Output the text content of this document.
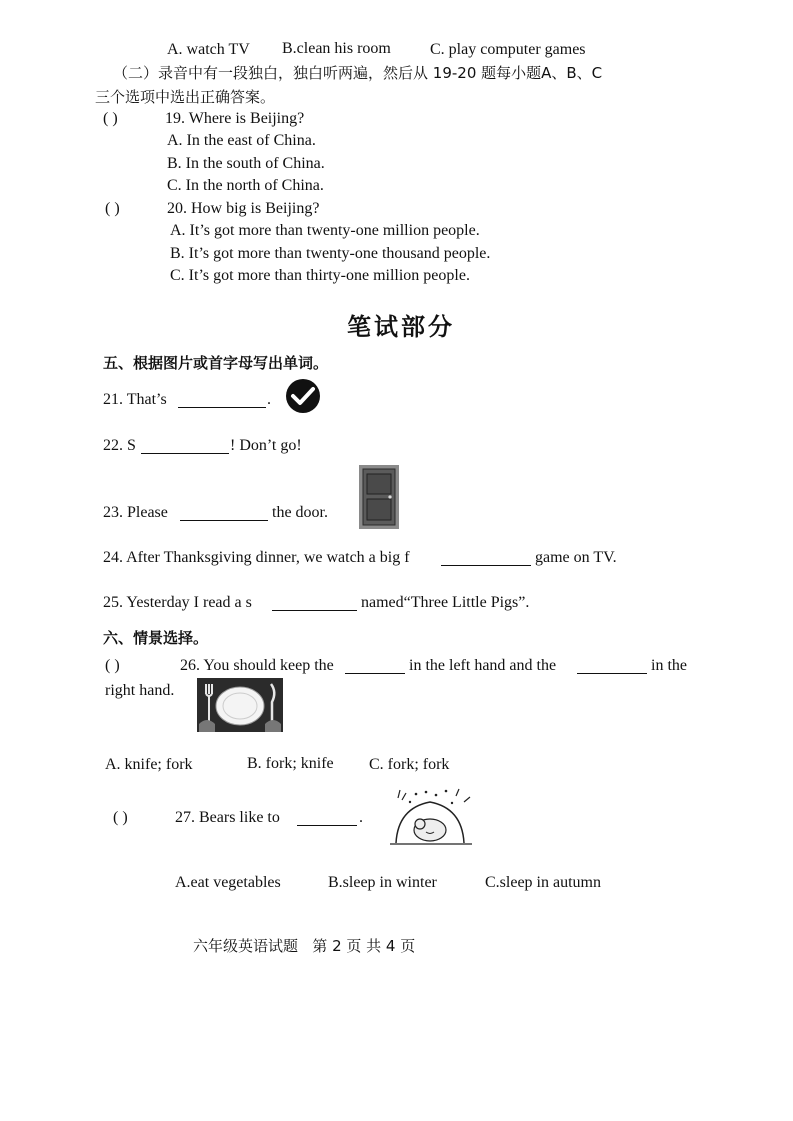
A. watch TV B.clean his room C. play computer games
（二）录音中有一段独白，独白听两遍，然后从 19-20 题每小题A、B、C
三个选项中选出正确答案。
( )	19. Where is Beijing?
A. In the east of China.
B. In the south of China.
C. In the north of China.
( )	20. How big is Beijing?
A. It’s got more than twenty-one million people.
B. It’s got more than twenty-one thousand people.
C. It’s got more than thirty-one million people.
笔试部分
五、根据图片或首字母写出单词。
21. That’s	.
22. S	! Don’t go!
23. Please	the door.
24. After Thanksgiving dinner, we watch a big f	game on TV.
25. Yesterday I read a s	named“Three Little Pigs”.
六、情景选择。
( )	26. You should keep the	in the left hand and the	in the
right hand.
A. knife; fork	B. fork; knife C. fork; fork
( )	27. Bears like to	.
A.eat vegetables	B.sleep in winter	C.sleep in autumn
六年级英语试题   第 2 页 共 4 页
